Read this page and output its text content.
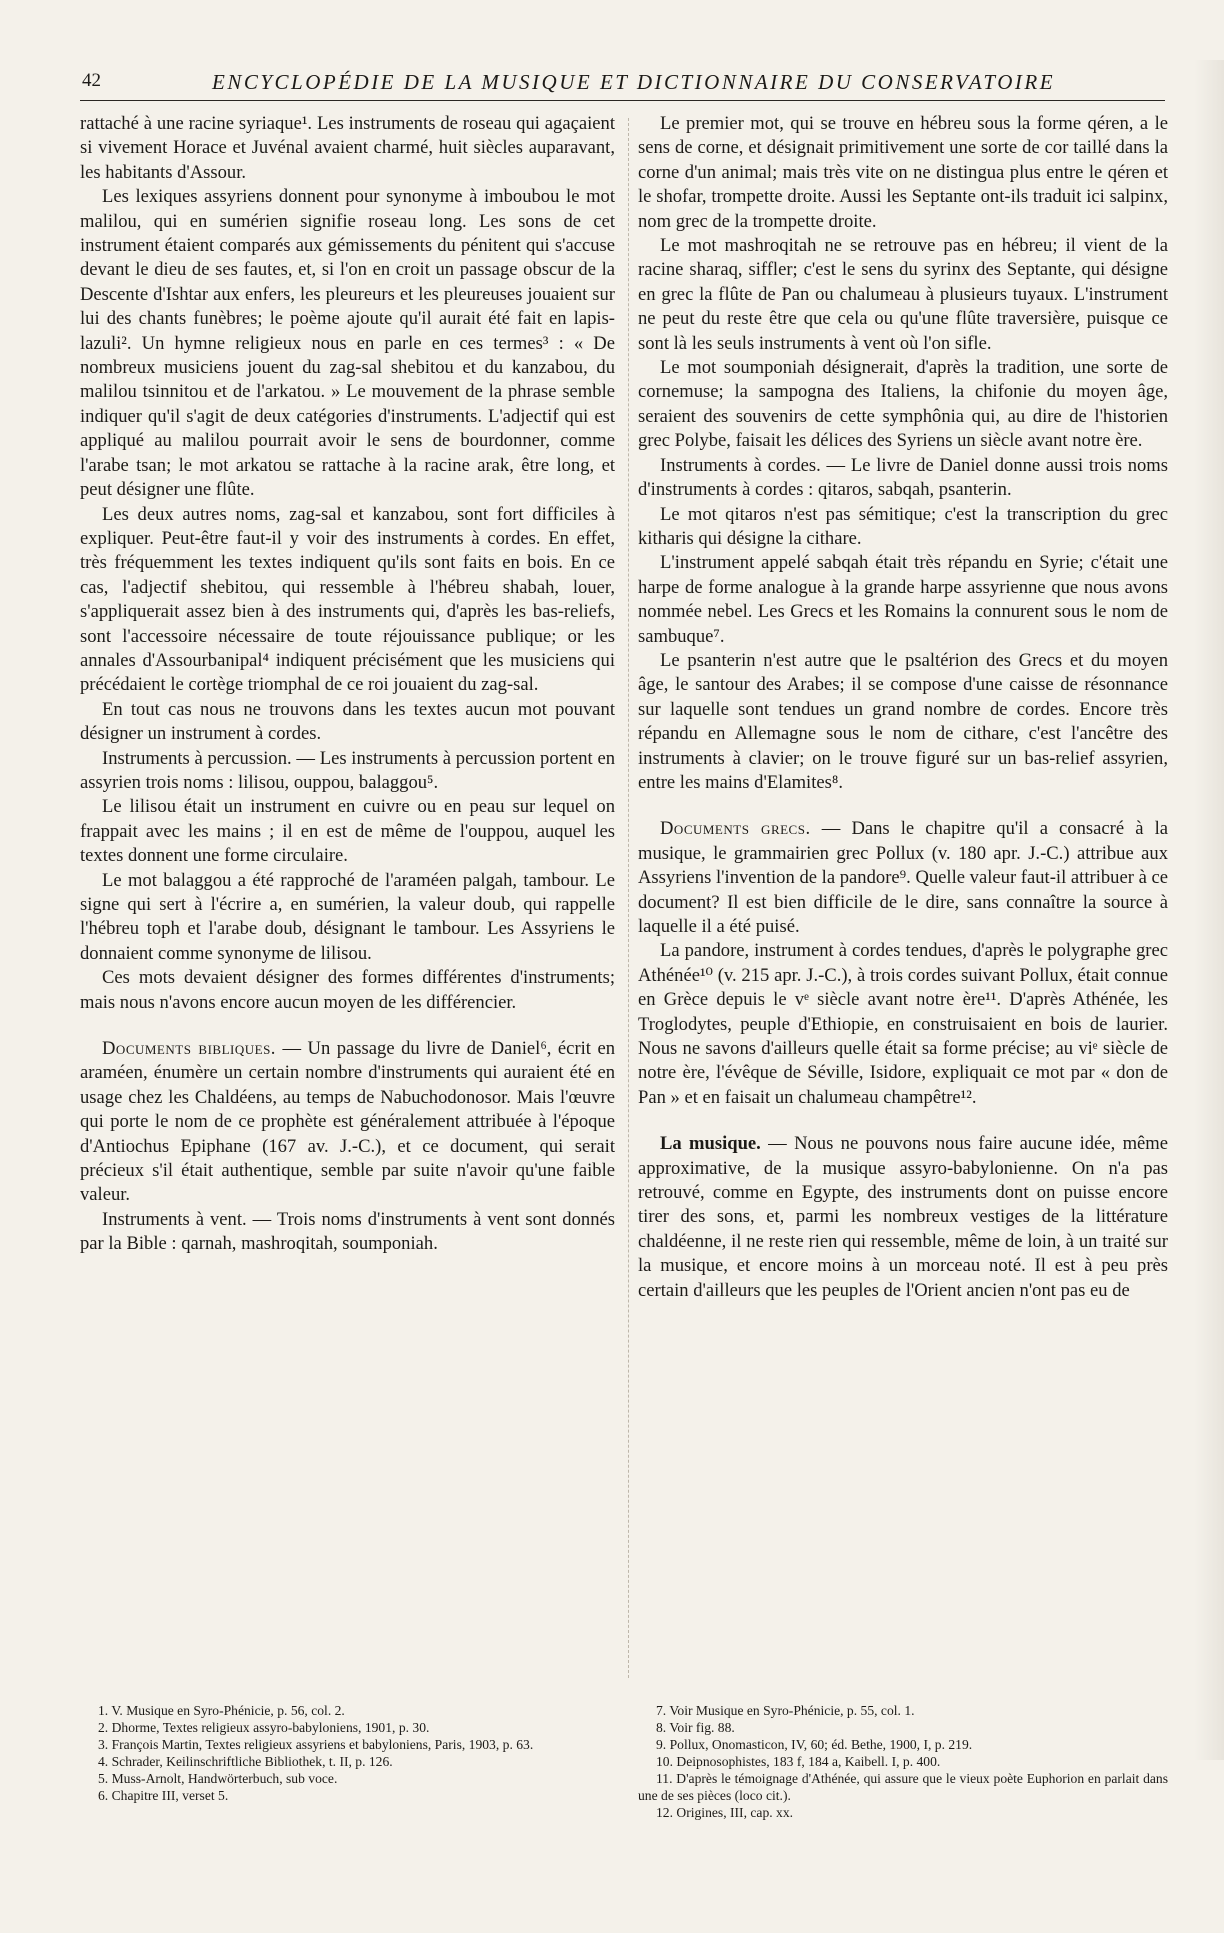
42	ENCYCLOPÉDIE DE LA MUSIQUE ET DICTIONNAIRE DU CONSERVATOIRE

rattaché à une racine syriaque¹. Les instruments de roseau qui agaçaient si vivement Horace et Juvénal avaient charmé, huit siècles auparavant, les habitants d'Assour.

Les lexiques assyriens donnent pour synonyme à imboubou le mot malilou, qui en sumérien signifie roseau long. Les sons de cet instrument étaient comparés aux gémissements du pénitent qui s'accuse devant le dieu de ses fautes, et, si l'on en croit un passage obscur de la Descente d'Ishtar aux enfers, les pleureurs et les pleureuses jouaient sur lui des chants funèbres; le poème ajoute qu'il aurait été fait en lapis-lazuli². Un hymne religieux nous en parle en ces termes³ : « De nombreux musiciens jouent du zag-sal shebitou et du kanzabou, du malilou tsinnitou et de l'arkatou. » Le mouvement de la phrase semble indiquer qu'il s'agit de deux catégories d'instruments. L'adjectif qui est appliqué au malilou pourrait avoir le sens de bourdonner, comme l'arabe tsan; le mot arkatou se rattache à la racine arak, être long, et peut désigner une flûte.

Les deux autres noms, zag-sal et kanzabou, sont fort difficiles à expliquer. Peut-être faut-il y voir des instruments à cordes. En effet, très fréquemment les textes indiquent qu'ils sont faits en bois. En ce cas, l'adjectif shebitou, qui ressemble à l'hébreu shabah, louer, s'appliquerait assez bien à des instruments qui, d'après les bas-reliefs, sont l'accessoire nécessaire de toute réjouissance publique; or les annales d'Assourbanipal⁴ indiquent précisément que les musiciens qui précédaient le cortège triomphal de ce roi jouaient du zag-sal.

En tout cas nous ne trouvons dans les textes aucun mot pouvant désigner un instrument à cordes.

Instruments à percussion. — Les instruments à percussion portent en assyrien trois noms : lilisou, ouppou, balaggou⁵.

Le lilisou était un instrument en cuivre ou en peau sur lequel on frappait avec les mains ; il en est de même de l'ouppou, auquel les textes donnent une forme circulaire.

Le mot balaggou a été rapproché de l'araméen palgah, tambour. Le signe qui sert à l'écrire a, en sumérien, la valeur doub, qui rappelle l'hébreu toph et l'arabe doub, désignant le tambour. Les Assyriens le donnaient comme synonyme de lilisou.

Ces mots devaient désigner des formes différentes d'instruments; mais nous n'avons encore aucun moyen de les différencier.

Documents bibliques. — Un passage du livre de Daniel⁶, écrit en araméen, énumère un certain nombre d'instruments qui auraient été en usage chez les Chaldéens, au temps de Nabuchodonosor. Mais l'œuvre qui porte le nom de ce prophète est généralement attribuée à l'époque d'Antiochus Epiphane (167 av. J.-C.), et ce document, qui serait précieux s'il était authentique, semble par suite n'avoir qu'une faible valeur.

Instruments à vent. — Trois noms d'instruments à vent sont donnés par la Bible : qarnah, mashroqitah, soumponiah.

Le premier mot, qui se trouve en hébreu sous la forme qéren, a le sens de corne, et désignait primitivement une sorte de cor taillé dans la corne d'un animal; mais très vite on ne distingua plus entre le qéren et le shofar, trompette droite. Aussi les Septante ont-ils traduit ici salpinx, nom grec de la trompette droite.

Le mot mashroqitah ne se retrouve pas en hébreu; il vient de la racine sharaq, siffler; c'est le sens du syrinx des Septante, qui désigne en grec la flûte de Pan ou chalumeau à plusieurs tuyaux. L'instrument ne peut du reste être que cela ou qu'une flûte traversière, puisque ce sont là les seuls instruments à vent où l'on sifle.

Le mot soumponiah désignerait, d'après la tradition, une sorte de cornemuse; la sampogna des Italiens, la chifonie du moyen âge, seraient des souvenirs de cette symphônia qui, au dire de l'historien grec Polybe, faisait les délices des Syriens un siècle avant notre ère.

Instruments à cordes. — Le livre de Daniel donne aussi trois noms d'instruments à cordes : qitaros, sabqah, psanterin.

Le mot qitaros n'est pas sémitique; c'est la transcription du grec kitharis qui désigne la cithare.

L'instrument appelé sabqah était très répandu en Syrie; c'était une harpe de forme analogue à la grande harpe assyrienne que nous avons nommée nebel. Les Grecs et les Romains la connurent sous le nom de sambuque⁷.

Le psanterin n'est autre que le psaltérion des Grecs et du moyen âge, le santour des Arabes; il se compose d'une caisse de résonnance sur laquelle sont tendues un grand nombre de cordes. Encore très répandu en Allemagne sous le nom de cithare, c'est l'ancêtre des instruments à clavier; on le trouve figuré sur un bas-relief assyrien, entre les mains d'Elamites⁸.

Documents grecs. — Dans le chapitre qu'il a consacré à la musique, le grammairien grec Pollux (v. 180 apr. J.-C.) attribue aux Assyriens l'invention de la pandore⁹. Quelle valeur faut-il attribuer à ce document? Il est bien difficile de le dire, sans connaître la source à laquelle il a été puisé.

La pandore, instrument à cordes tendues, d'après le polygraphe grec Athénée¹⁰ (v. 215 apr. J.-C.), à trois cordes suivant Pollux, était connue en Grèce depuis le vᵉ siècle avant notre ère¹¹. D'après Athénée, les Troglodytes, peuple d'Ethiopie, en construisaient en bois de laurier. Nous ne savons d'ailleurs quelle était sa forme précise; au viᵉ siècle de notre ère, l'évêque de Séville, Isidore, expliquait ce mot par « don de Pan » et en faisait un chalumeau champêtre¹².

La musique. — Nous ne pouvons nous faire aucune idée, même approximative, de la musique assyro-babylonienne. On n'a pas retrouvé, comme en Egypte, des instruments dont on puisse encore tirer des sons, et, parmi les nombreux vestiges de la littérature chaldéenne, il ne reste rien qui ressemble, même de loin, à un traité sur la musique, et encore moins à un morceau noté. Il est à peu près certain d'ailleurs que les peuples de l'Orient ancien n'ont pas eu de

1. V. Musique en Syro-Phénicie, p. 56, col. 2.
2. Dhorme, Textes religieux assyro-babyloniens, 1901, p. 30.
3. François Martin, Textes religieux assyriens et babyloniens, Paris, 1903, p. 63.
4. Schrader, Keilinschriftliche Bibliothek, t. II, p. 126.
5. Muss-Arnolt, Handwörterbuch, sub voce.
6. Chapitre III, verset 5.
7. Voir Musique en Syro-Phénicie, p. 55, col. 1.
8. Voir fig. 88.
9. Pollux, Onomasticon, IV, 60; éd. Bethe, 1900, I, p. 219.
10. Deipnosophistes, 183 f, 184 a, Kaibell. I, p. 400.
11. D'après le témoignage d'Athénée, qui assure que le vieux poète Euphorion en parlait dans une de ses pièces (loco cit.).
12. Origines, III, cap. xx.
